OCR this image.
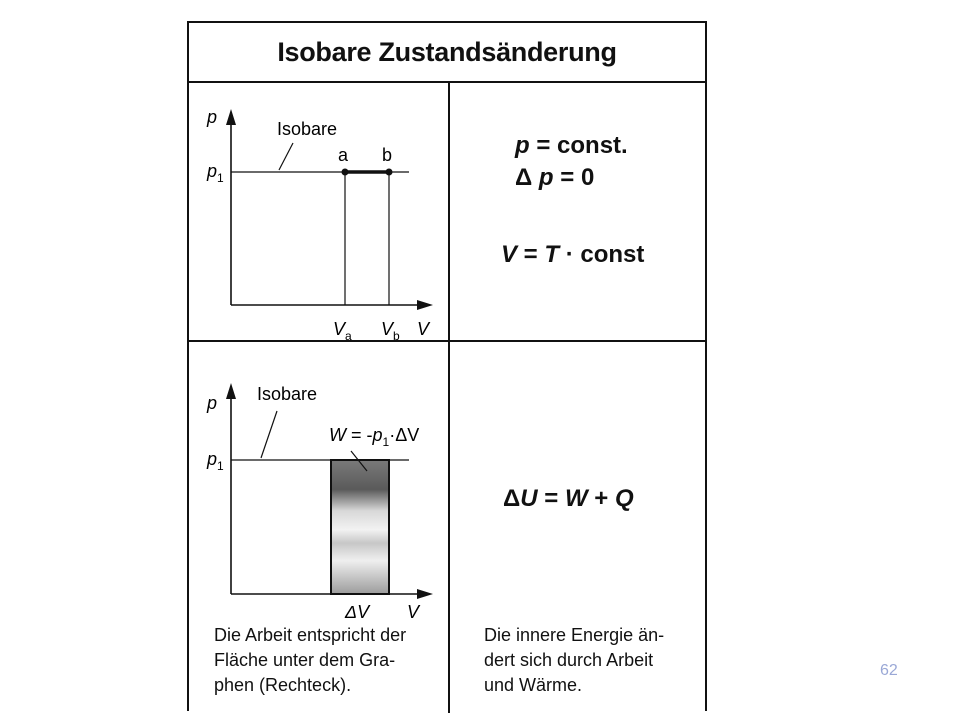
Isobare Zustandsänderung
p
$p_1$
Isobare
a b
$V_a$ $V_b$ V
p
$p_1$
Isobare
$W = -p_1\cdot\Delta V$
ΔV V
p = const.
Δ p = 0
V = T · const
ΔU = W + Q
Die Arbeit entspricht der
Fläche unter dem Gra-
phen (Rechteck).
Die innere Energie än-
dert sich durch Arbeit
und Wärme.
62
